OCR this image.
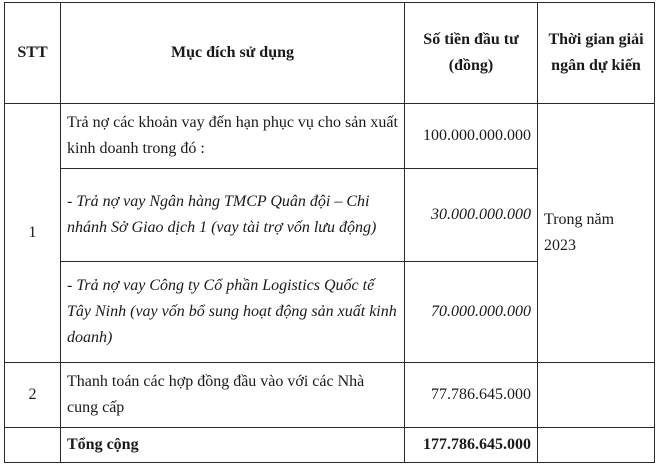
STT	Mục đích sử dụng	Số tiền đầu tư (đồng)	Thời gian giải ngân dự kiến
1	Trả nợ các khoản vay đến hạn phục vụ cho sản xuất kinh doanh trong đó :	100.000.000.000	Trong năm 2023
	- Trả nợ vay Ngân hàng TMCP Quân đội – Chi nhánh Sở Giao dịch 1 (vay tài trợ vốn lưu động)	30.000.000.000	
	- Trả nợ vay Công ty Cổ phần Logistics Quốc tế Tây Ninh (vay vốn bổ sung hoạt động sản xuất kinh doanh)	70.000.000.000	
2	Thanh toán các hợp đồng đầu vào với các Nhà cung cấp	77.786.645.000	
	Tổng cộng	177.786.645.000	
